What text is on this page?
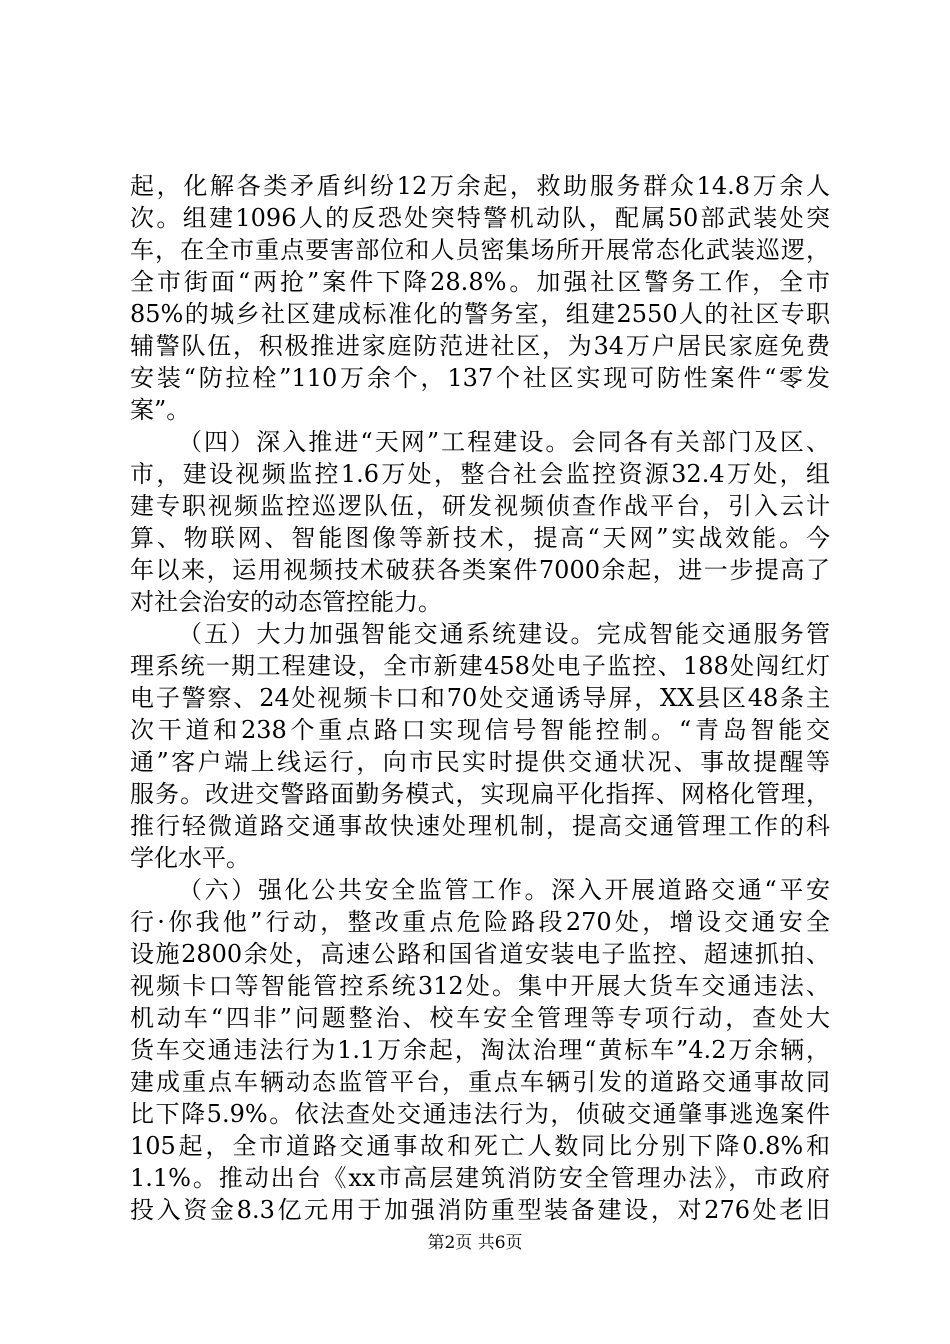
起，化解各类矛盾纠纷12万余起，救助服务群众14.8万余人
次。组建1096人的反恐处突特警机动队，配属50部武装处突
车，在全市重点要害部位和人员密集场所开展常态化武装巡逻，
全市街面“两抢”案件下降28.8%。加强社区警务工作，全市
85%的城乡社区建成标准化的警务室，组建2550人的社区专职
辅警队伍，积极推进家庭防范进社区，为34万户居民家庭免费
安装“防拉栓”110万余个，137个社区实现可防性案件“零发
案”。
（四）深入推进“天网”工程建设。会同各有关部门及区、
市，建设视频监控1.6万处，整合社会监控资源32.4万处，组
建专职视频监控巡逻队伍，研发视频侦查作战平台，引入云计
算、物联网、智能图像等新技术，提高“天网”实战效能。今
年以来，运用视频技术破获各类案件7000余起，进一步提高了
对社会治安的动态管控能力。
（五）大力加强智能交通系统建设。完成智能交通服务管
理系统一期工程建设，全市新建458处电子监控、188处闯红灯
电子警察、24处视频卡口和70处交通诱导屏，XX县区48条主
次干道和238个重点路口实现信号智能控制。“青岛智能交
通”客户端上线运行，向市民实时提供交通状况、事故提醒等
服务。改进交警路面勤务模式，实现扁平化指挥、网格化管理，
推行轻微道路交通事故快速处理机制，提高交通管理工作的科
学化水平。
（六）强化公共安全监管工作。深入开展道路交通“平安
行·你我他”行动，整改重点危险路段270处，增设交通安全
设施2800余处，高速公路和国省道安装电子监控、超速抓拍、
视频卡口等智能管控系统312处。集中开展大货车交通违法、
机动车“四非”问题整治、校车安全管理等专项行动，查处大
货车交通违法行为1.1万余起，淘汰治理“黄标车”4.2万余辆，
建成重点车辆动态监管平台，重点车辆引发的道路交通事故同
比下降5.9%。依法查处交通违法行为，侦破交通肇事逃逸案件
105起，全市道路交通事故和死亡人数同比分别下降0.8%和
1.1%。推动出台《xx市高层建筑消防安全管理办法》，市政府
投入资金8.3亿元用于加强消防重型装备建设，对276处老旧
第2页 共6页
